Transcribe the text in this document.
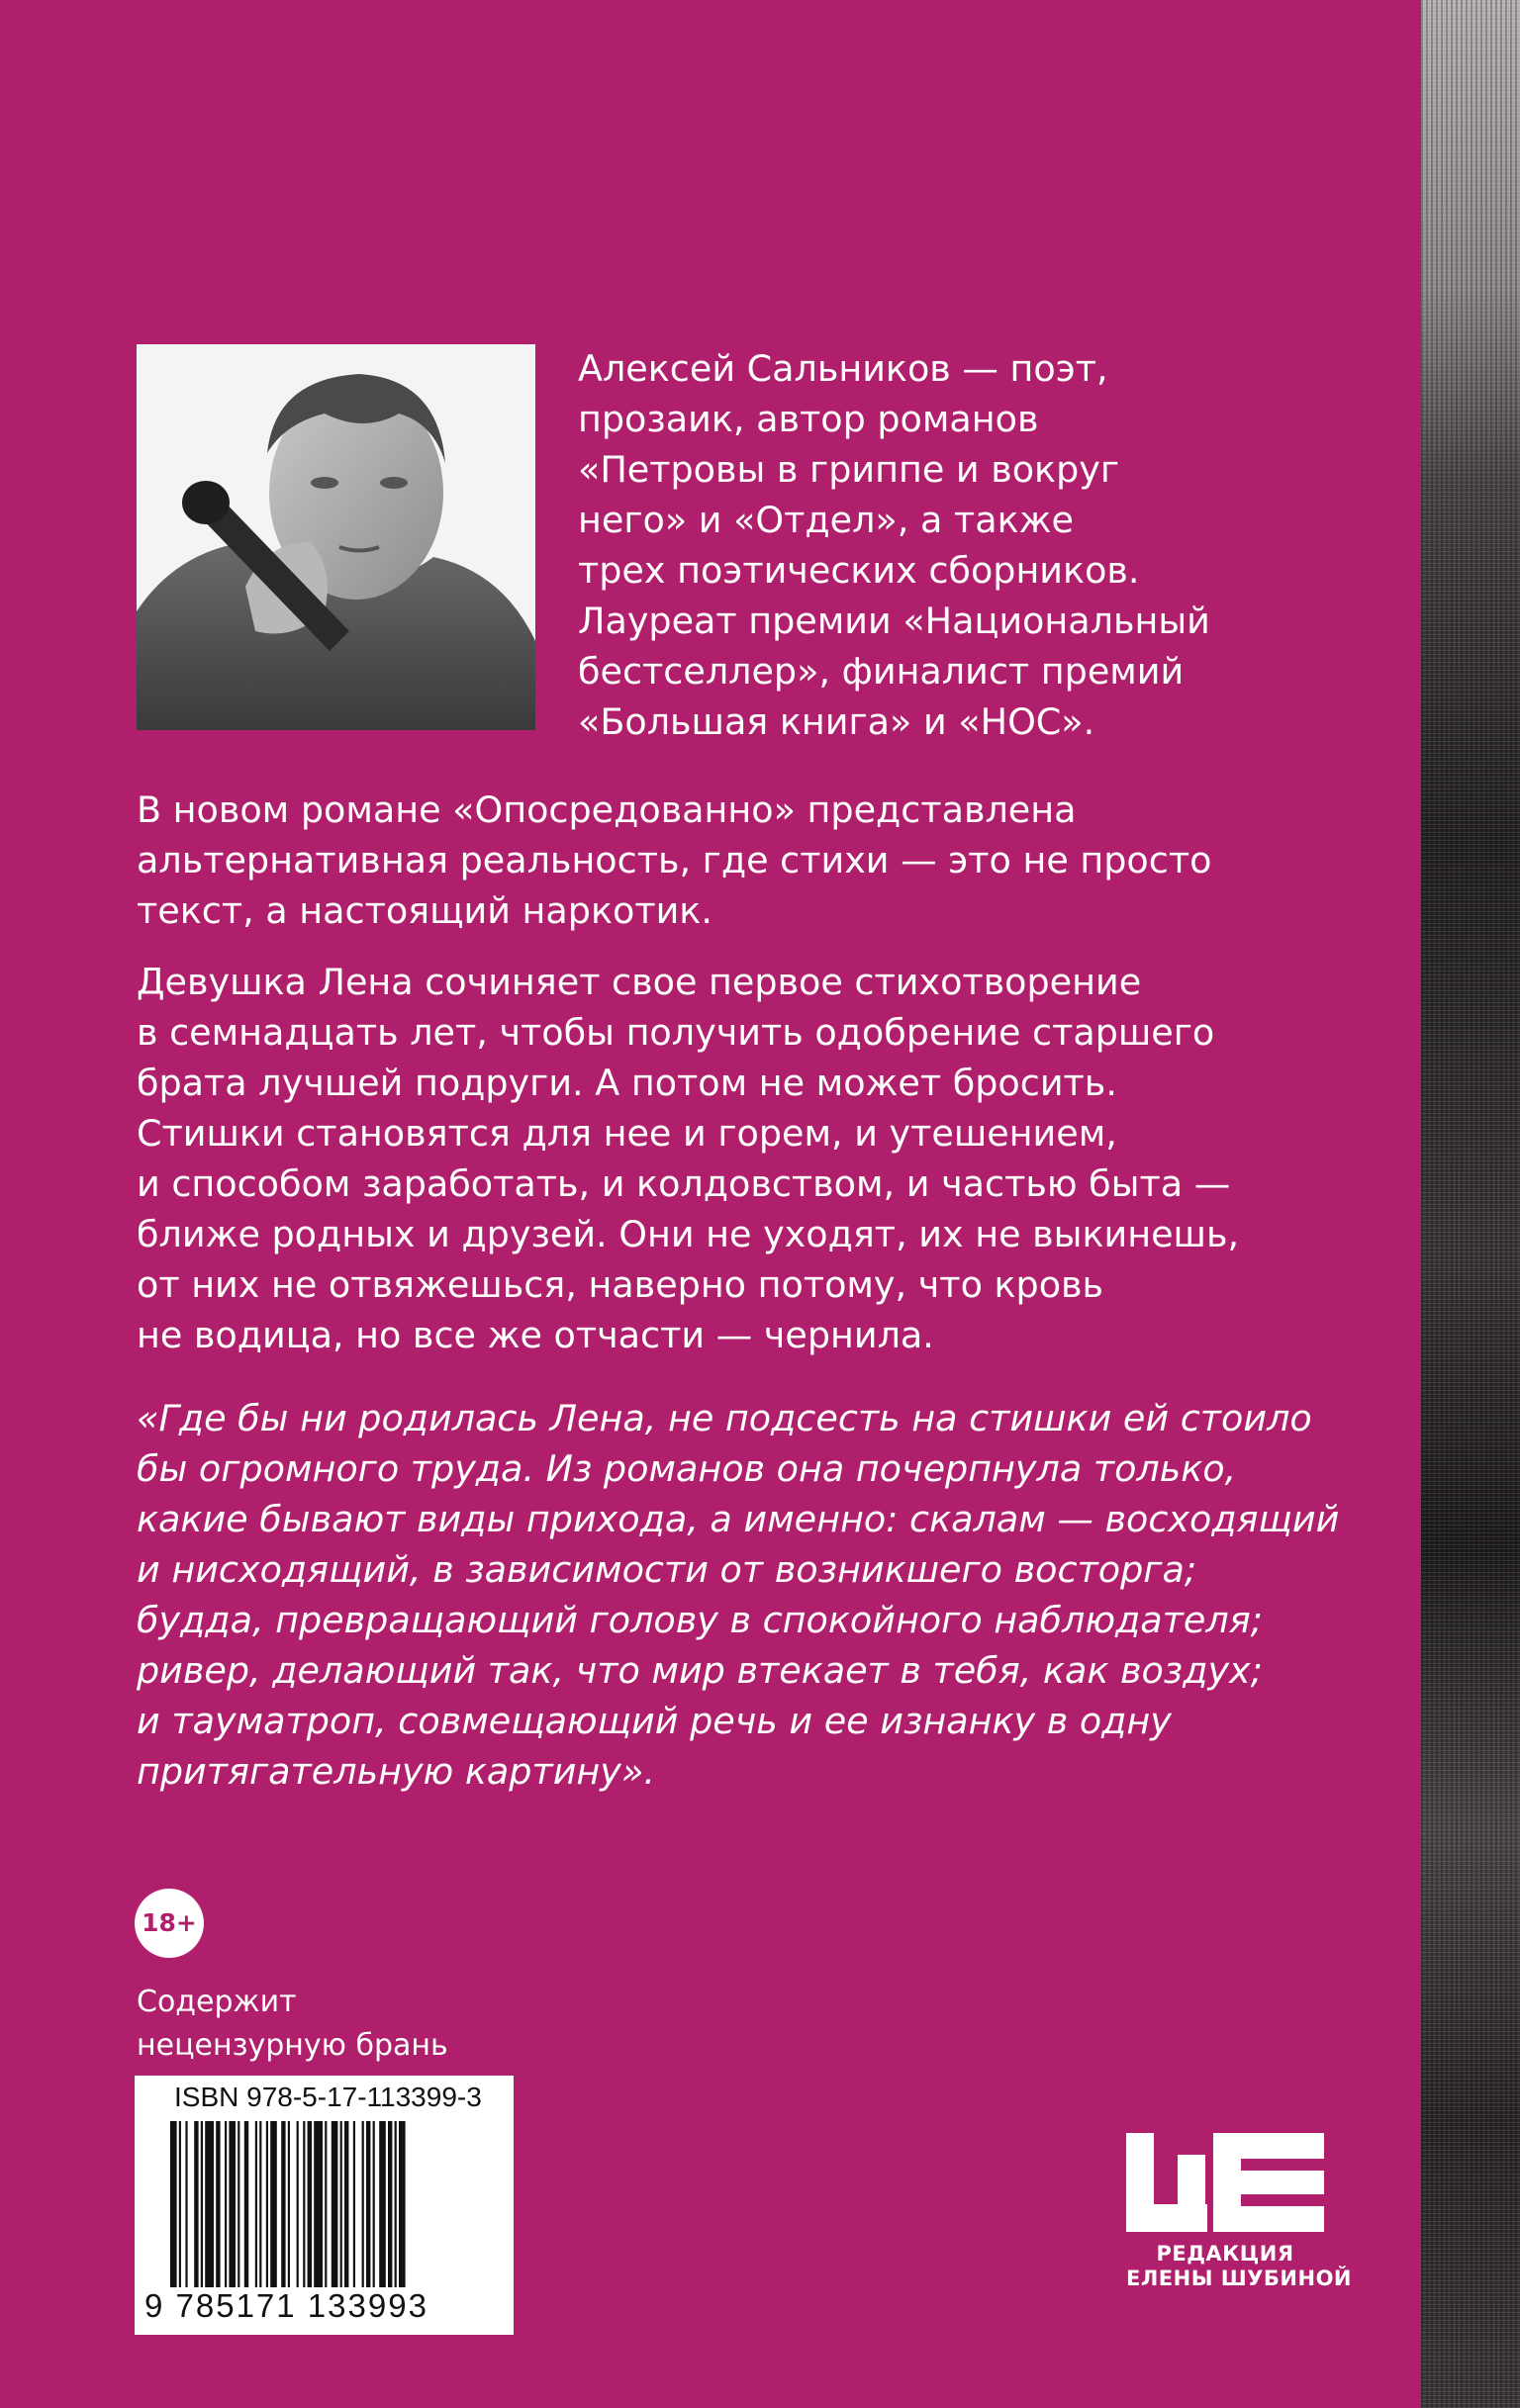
Алексей Сальников — поэт,
прозаик, автор романов
«Петровы в гриппе и вокруг
него» и «Отдел», а также
трех поэтических сборников.
Лауреат премии «Национальный
бестселлер», финалист премий
«Большая книга» и «НОС».

В новом романе «Опосредованно» представлена
альтернативная реальность, где стихи — это не просто
текст, а настоящий наркотик.

Девушка Лена сочиняет свое первое стихотворение
в семнадцать лет, чтобы получить одобрение старшего
брата лучшей подруги. А потом не может бросить.
Стишки становятся для нее и горем, и утешением,
и способом заработать, и колдовством, и частью быта —
ближе родных и друзей. Они не уходят, их не выкинешь,
от них не отвяжешься, наверно потому, что кровь
не водица, но все же отчасти — чернила.

«Где бы ни родилась Лена, не подсесть на стишки ей стоило
бы огромного труда. Из романов она почерпнула только,
какие бывают виды прихода, а именно: скалам — восходящий
и нисходящий, в зависимости от возникшего восторга;
будда, превращающий голову в спокойного наблюдателя;
ривер, делающий так, что мир втекает в тебя, как воздух;
и тауматроп, совмещающий речь и ее изнанку в одну
притягательную картину».

18+
Содержит
нецензурную брань
ISBN 978-5-17-113399-3
9 785171 133993
РЕДАКЦИЯ
ЕЛЕНЫ ШУБИНОЙ
